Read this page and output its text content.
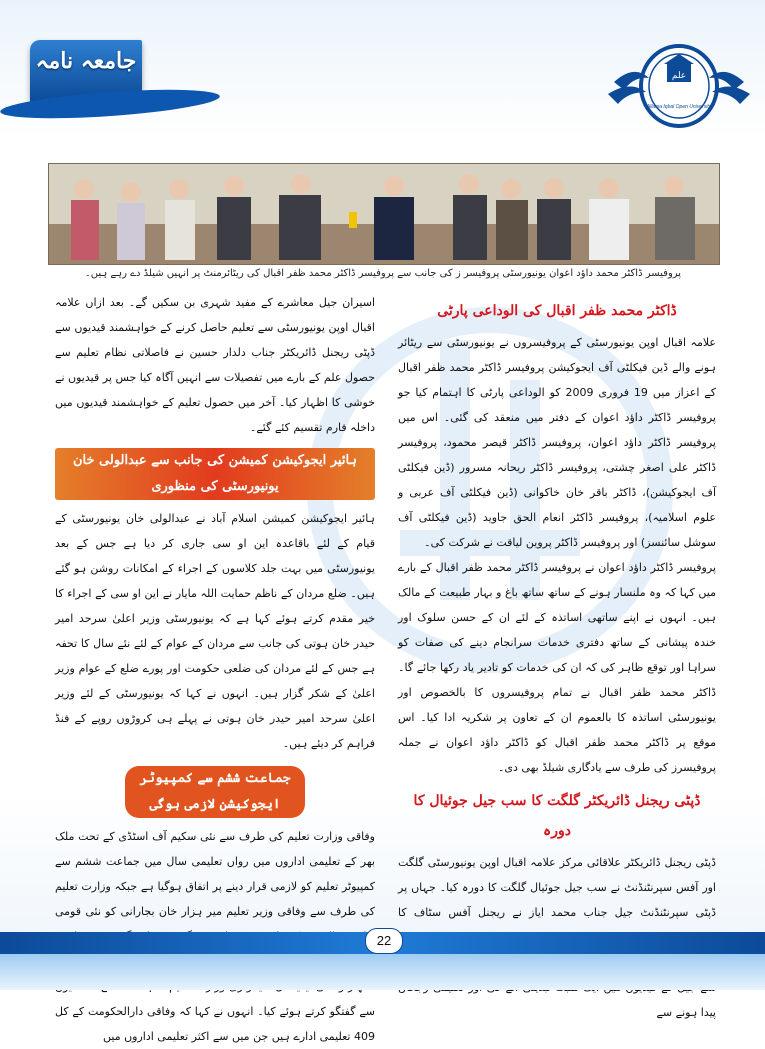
جامعہ نامہ
علم
Allama Iqbal Open University
پروفیسر ڈاکٹر محمد داؤد اعوان یونیورسٹی پروفیسر ز کی جانب سے پروفیسر ڈاکٹر محمد ظفر اقبال کی ریٹائرمنٹ پر انہیں شیلڈ دے رہے ہیں۔
ڈاکٹر محمد ظفر اقبال کی الوداعی پارٹی

علامہ اقبال اوپن یونیورسٹی کے پروفیسروں نے یونیورسٹی سے ریٹائر ہونے والے ڈین فیکلٹی آف ایجوکیشن پروفیسر ڈاکٹر محمد ظفر اقبال کے اعزاز میں 19 فروری 2009 کو الوداعی پارٹی کا اہتمام کیا جو پروفیسر ڈاکٹر داؤد اعوان کے دفتر میں منعقد کی گئی۔ اس میں پروفیسر ڈاکٹر داؤد اعوان، پروفیسر ڈاکٹر قیصر محمود، پروفیسر ڈاکٹر علی اصغر چشتی، پروفیسر ڈاکٹر ریحانہ مسرور (ڈین فیکلٹی آف ایجوکیشن)، ڈاکٹر باقر خان خاکوانی (ڈین فیکلٹی آف عربی و علوم اسلامیہ)، پروفیسر ڈاکٹر انعام الحق جاوید (ڈین فیکلٹی آف سوشل سائنسز) اور پروفیسر ڈاکٹر پروین لیاقت نے شرکت کی۔

پروفیسر ڈاکٹر داؤد اعوان نے پروفیسر ڈاکٹر محمد ظفر اقبال کے بارے میں کہا کہ وہ ملنسار ہونے کے ساتھ ساتھ باغ و بہار طبیعت کے مالک ہیں۔ انہوں نے اپنے ساتھی اساتذہ کے لئے ان کے حسن سلوک اور خندہ پیشانی کے ساتھ دفتری خدمات سرانجام دینے کی صفات کو سراہا اور توقع ظاہر کی کہ ان کی خدمات کو تادیر یاد رکھا جائے گا۔ ڈاکٹر محمد ظفر اقبال نے تمام پروفیسروں کا بالخصوص اور یونیورسٹی اساتذہ کا بالعموم ان کے تعاون پر شکریہ ادا کیا۔ اس موقع پر ڈاکٹر محمد ظفر اقبال کو ڈاکٹر داؤد اعوان نے جملہ پروفیسرز کی طرف سے یادگاری شیلڈ بھی دی۔

ڈپٹی ریجنل ڈائریکٹر گلگت کا سب جیل جوئیال کا دورہ

ڈپٹی ریجنل ڈائریکٹر علاقائی مرکز علامہ اقبال اوپن یونیورسٹی گلگت اور آفس سپرنٹنڈنٹ نے سب جیل جوئیال گلگت کا دورہ کیا۔ جہاں پر ڈپٹی سپرنٹنڈنٹ جیل جناب محمد ایاز نے ریجنل آفس سٹاف کا پیدا ہونے سے

اسیران جیل معاشرے کے مفید شہری بن سکیں گے۔ بعد ازاں علامہ اقبال اوپن یونیورسٹی سے تعلیم حاصل کرنے کے خواہشمند قیدیوں سے ڈپٹی ریجنل ڈائریکٹر جناب دلدار حسین نے فاصلاتی نظام تعلیم سے حصول علم کے بارے میں تفصیلات سے انہیں آگاہ کیا جس پر قیدیوں نے خوشی کا اظہار کیا۔ آخر میں حصول تعلیم کے خواہشمند قیدیوں میں داخلہ فارم تقسیم کئے گئے۔

ہائیر ایجوکیشن کمیشن کی جانب سے عبدالولی خان یونیورسٹی کی منظوری

ہائیر ایجوکیشن کمیشن اسلام آباد نے عبدالولی خان یونیورسٹی کے قیام کے لئے باقاعدہ این او سی جاری کر دیا ہے جس کے بعد یونیورسٹی میں بہت جلد کلاسوں کے اجراء کے امکانات روشن ہو گئے ہیں۔ ضلع مردان کے ناظم حمایت اللہ مایار نے این او سی کے اجراء کا خیر مقدم کرتے ہوئے کہا ہے کہ یونیورسٹی وزیر اعلیٰ سرحد امیر حیدر خان ہوتی کی جانب سے مردان کے عوام کے لئے نئے سال کا تحفہ ہے جس کے لئے مردان کی ضلعی حکومت اور پورے ضلع کے عوام وزیر اعلیٰ کے شکر گزار ہیں۔ انہوں نے کہا کہ یونیورسٹی کے لئے وزیر اعلیٰ سرحد امیر حیدر خان ہوتی نے پہلے ہی کروڑوں روپے کے فنڈ فراہم کر دیئے ہیں۔

جماعت ششم سے کمپیوٹر ایجوکیشن لازمی ہوگی

وفاقی وزارت تعلیم کی طرف سے نئی سکیم آف اسٹڈی کے تحت ملک بھر کے تعلیمی اداروں میں رواں تعلیمی سال میں جماعت ششم سے کمپیوٹر تعلیم کو لازمی قرار دینے پر اتفاق ہوگیا ہے جبکہ وزارت تعلیم کی طرف سے وفاقی وزیر تعلیم میر ہزار خان بجارانی کو نئی قومی سے گفتگو کرتے ہوئے کیا۔ انہوں نے کہا کہ وفاقی دارالحکومت کے کل 409 تعلیمی ادارے ہیں جن میں سے اکثر تعلیمی اداروں میں

22
